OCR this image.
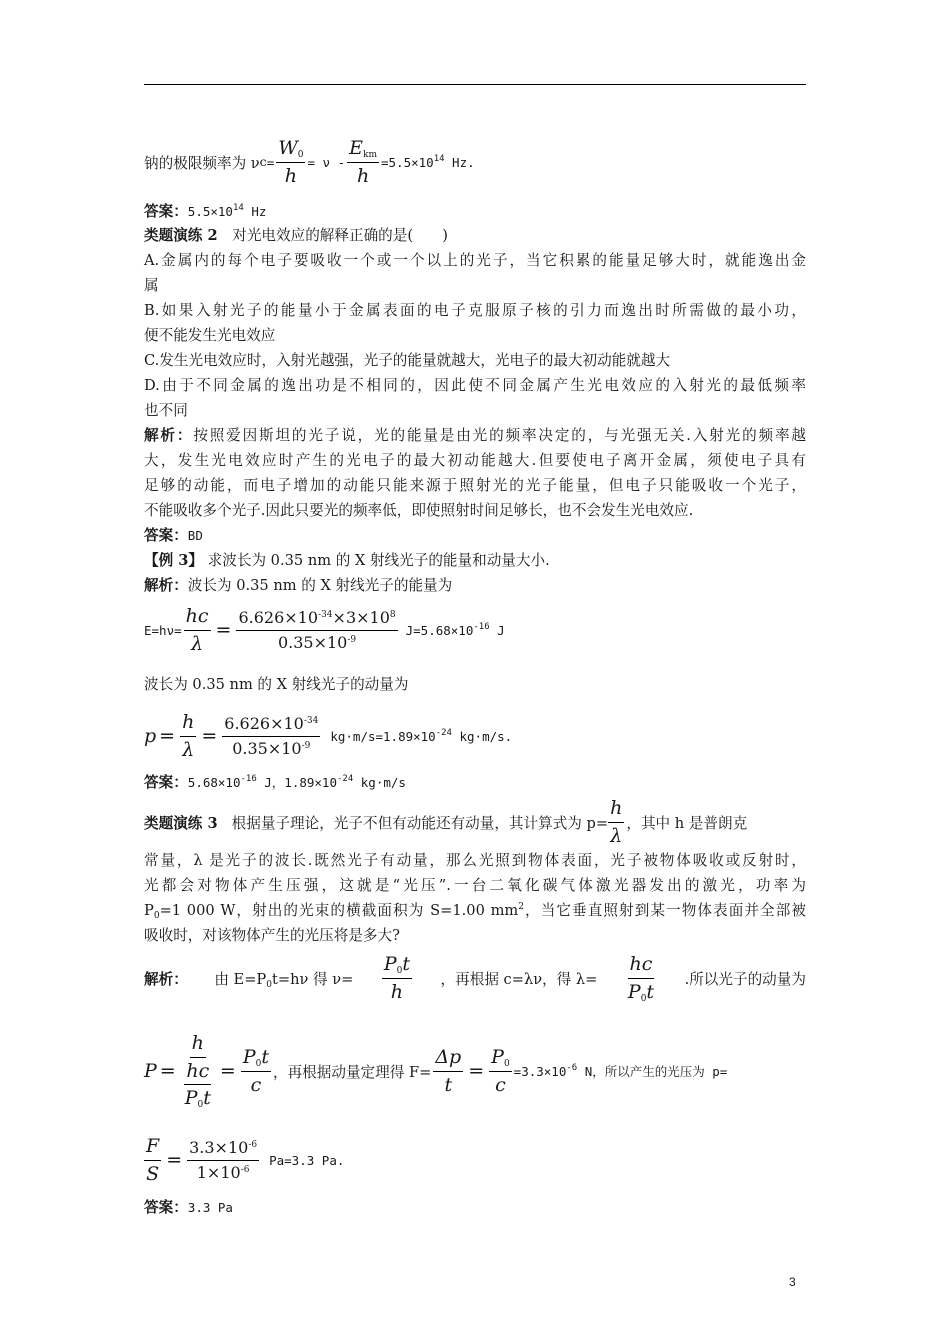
钠的极限频率为 ν $c = \frac{W_0}{h} = \nu - \frac{E_{km}}{h} =5.5\times 10^{14}$ Hz.
答案：$5.5\times 10^{14}$ Hz
类题演练 2　 对光电效应的解释正确的是(　　)
A.金属内的每个电子要吸收一个或一个以上的光子，当它积累的能量足够大时，就能逸出金
属
B.如果入射光子的能量小于金属表面的电子克服原子核的引力而逸出时所需做的最小功，
便不能发生光电效应
C.发生光电效应时，入射光越强，光子的能量就越大，光电子的最大初动能就越大
D.由于不同金属的逸出功是不相同的，因此使不同金属产生光电效应的入射光的最低频率
也不同
解析：按照爱因斯坦的光子说，光的能量是由光的频率决定的，与光强无关.入射光的频率越
大，发生光电效应时产生的光电子的最大初动能越大.但要使电子离开金属，须使电子具有
足够的动能，而电子增加的动能只能来源于照射光的光子能量，但电子只能吸收一个光子，
不能吸收多个光子.因此只要光的频率低，即使照射时间足够长，也不会发生光电效应.
答案：BD
【例 3】 求波长为 0.35 nm 的 X 射线光子的能量和动量大小.
解析：波长为 0.35 nm 的 X 射线光子的能量为
$E=h\nu= \frac{hc}{\lambda} = \frac{6.626\times 10^{-34}\times 3\times 10^8}{0.35\times 10^{-9}} J=5.68\times 10^{-16}$ J
波长为 0.35 nm 的 X 射线光子的动量为
$p = \frac{h}{\lambda} = \frac{6.626\times 10^{-34}}{0.35\times 10^{-9}} kg\cdot m/s=1.89\times 10^{-24}$ kg·m/s.
答案：$5.68\times 10^{-16}$ J，$1.89\times 10^{-24}$ kg·m/s
类题演练 3 根据量子理论，光子不但有动能还有动量，其计算式为 $p= \frac{h}{\lambda}$ ，其中 h 是普朗克
常量，λ 是光子的波长.既然光子有动量，那么光照到物体表面，光子被物体吸收或反射时，
光都会对物体产生压强，这就是“光压”.一台二氧化碳气体激光器发出的激光，功率为
$P_0=1$ 000 W，射出的光束的横截面积为 S=1.00 $mm^2$，当它垂直照射到某一物体表面并全部被
吸收时，对该物体产生的光压将是多大?
解析： 由 $E=P_0t=h\nu$ 得 $\nu= \frac{P_0t}{h}$ ，再根据 c=λν，得 $\lambda= \frac{hc}{P_0t}$ .所以光子的动量为
$P = \frac{h}{\frac{hc}{P_0t}} = \frac{P_0t}{c}$ ，再根据动量定理得 $F= \frac{\Delta p}{t} = \frac{P_0}{c} =3.3\times 10^{-6}$ N，所以产生的光压为 p=
$\frac{F}{S} = \frac{3.3\times 10^{-6}}{1\times 10^{-6}} Pa=3.3$ Pa.
答案：3.3 Pa
3
